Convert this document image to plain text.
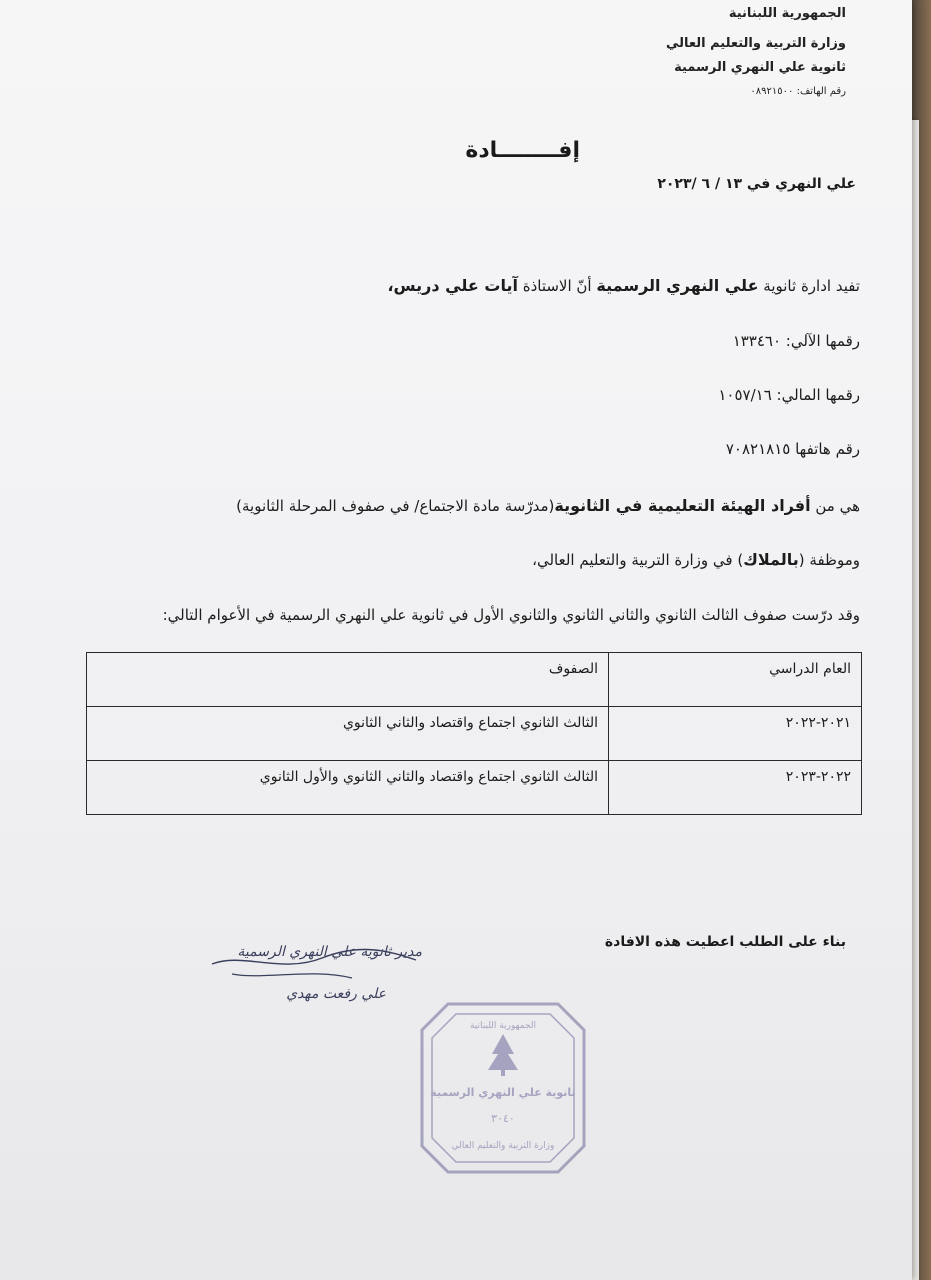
الجمهورية اللبنانية
وزارة التربية والتعليم العالي
ثانوية علي النهري الرسمية
رقم الهاتف: ٠٨٩٢١٥٠٠
إفــــــــادة
علي النهري في ١٣ / ٦ /٢٠٢٣
تفيد ادارة ثانوية علي النهري الرسمية أنّ الاستاذة آيات علي دريس،
رقمها الآلي: ١٣٣٤٦٠
رقمها المالي: ١٠٥٧/١٦
رقم هاتفها ٧٠٨٢١٨١٥
هي من أفراد الهيئة التعليمية في الثانوية(مدرّسة مادة الاجتماع/ في صفوف المرحلة الثانوية)
وموظفة (بالملاك) في وزارة التربية والتعليم العالي،
وقد درّست صفوف الثالث الثانوي والثاني الثانوي والثانوي الأول في ثانوية علي النهري الرسمية في الأعوام التالي:
العام الدراسي	الصفوف
٢٠٢١-٢٠٢٢	الثالث الثانوي اجتماع واقتصاد والثاني الثانوي
٢٠٢٢-٢٠٢٣	الثالث الثانوي اجتماع واقتصاد والثاني الثانوي والأول الثانوي
بناء على الطلب اعطيت هذه الافادة
مدير ثانوية علي النهري الرسمية
علي رفعت مهدي
الجمهورية اللبنانية
ثانوية علي النهري الرسمية
٣٠٤٠
وزارة التربية والتعليم العالي
